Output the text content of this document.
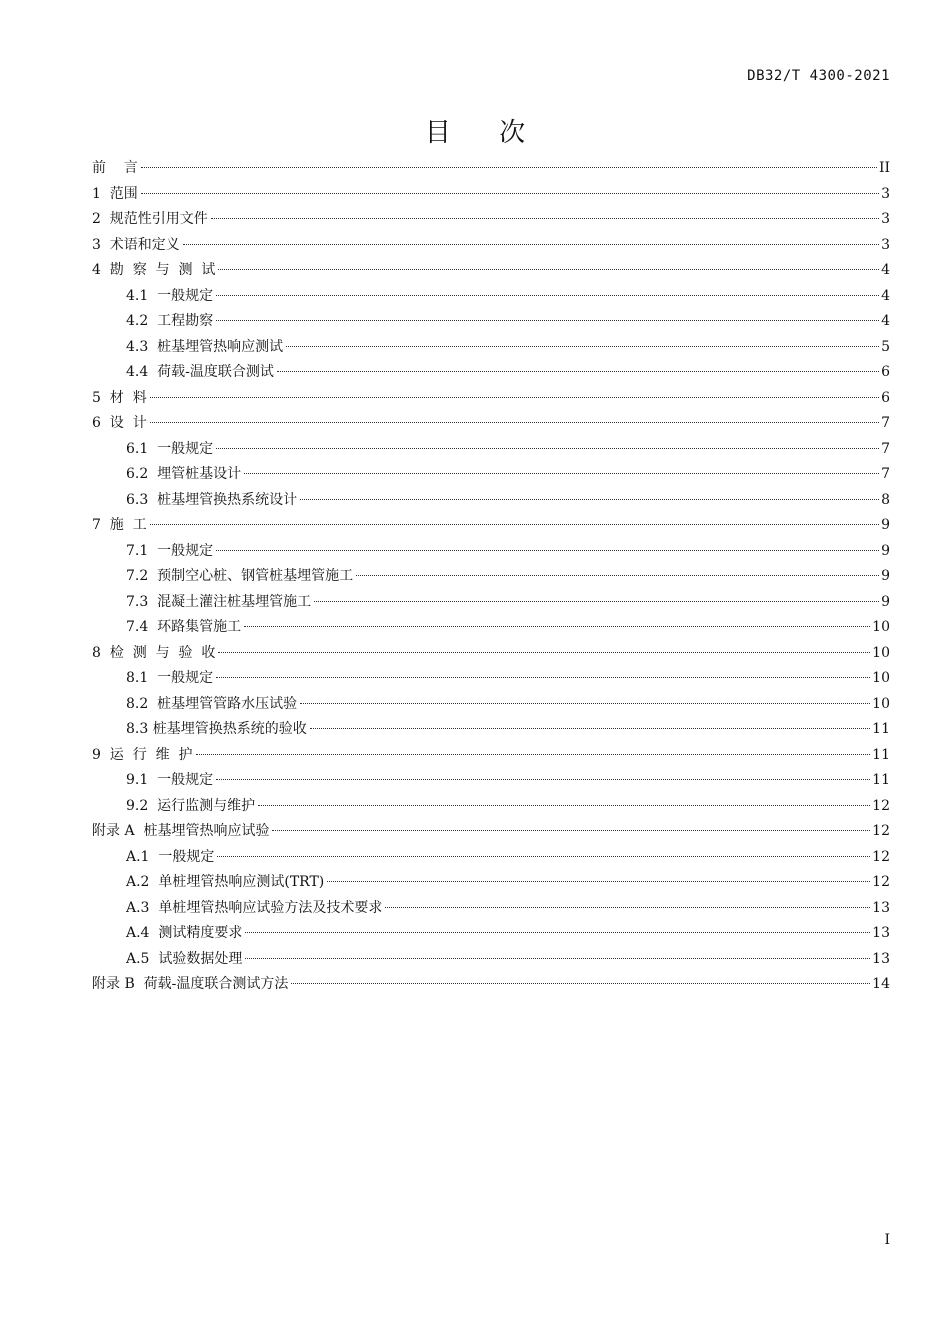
DB32/T 4300-2021
目 次
前    言	II
1  范围	3
2  规范性引用文件	3
3  术语和定义	3
4  勘  察  与  测  试	4
4.1  一般规定	4
4.2  工程勘察	4
4.3  桩基埋管热响应测试	5
4.4  荷载-温度联合测试	6
5  材  料	6
6  设  计	7
6.1  一般规定	7
6.2  埋管桩基设计	7
6.3  桩基埋管换热系统设计	8
7  施  工	9
7.1  一般规定	9
7.2  预制空心桩、钢管桩基埋管施工	9
7.3  混凝土灌注桩基埋管施工	9
7.4  环路集管施工	10
8  检  测  与  验  收	10
8.1  一般规定	10
8.2  桩基埋管管路水压试验	10
8.3 桩基埋管换热系统的验收	11
9  运  行  维  护	11
9.1  一般规定	11
9.2  运行监测与维护	12
附录 A  桩基埋管热响应试验	12
A.1  一般规定	12
A.2  单桩埋管热响应测试(TRT)	12
A.3  单桩埋管热响应试验方法及技术要求	13
A.4  测试精度要求	13
A.5  试验数据处理	13
附录 B  荷载-温度联合测试方法	14
I
